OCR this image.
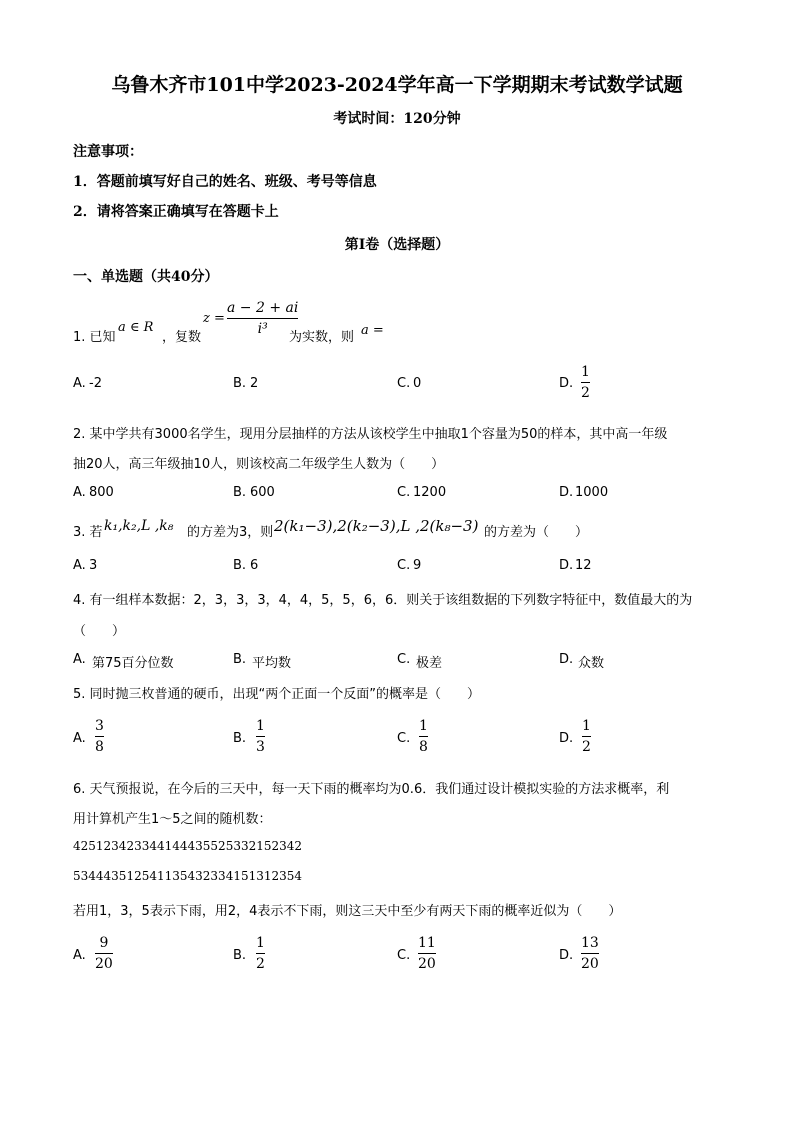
乌鲁木齐市101中学2023-2024学年高一下学期期末考试数学试题
考试时间：120分钟
注意事项：
1．答题前填写好自己的姓名、班级、考号等信息
2．请将答案正确填写在答题卡上
第I卷（选择题）
一、单选题（共40分）
1. 已知
a ∈ R
，复数
z =
a − 2 + ai
i³
为实数，则 a =
A. -2	B. 2	C. 0	D.
1
2
2. 某中学共有3000名学生，现用分层抽样的方法从该校学生中抽取1个容量为50的样本，其中高一年级
抽20人，高三年级抽10人，则该校高二年级学生人数为（　　）
A. 800	B. 600	C. 1200	D. 1000
3. 若 k₁,k₂,L ,k₈ 的方差为3，则 2(k₁−3),2(k₂−3),L ,2(k₈−3) 的方差为（　　）
A. 3	B. 6	C. 9	D. 12
4. 有一组样本数据：2，3，3，3，4，4，5，5，6，6．则关于该组数据的下列数字特征中，数值最大的为
（　　）
A. 第75百分位数	B. 平均数	C. 极差	D. 众数
5. 同时抛三枚普通的硬币，出现“两个正面一个反面”的概率是（　　）
A.
3
8
B.
1
3
C.
1
8
D.
1
2
6. 天气预报说，在今后的三天中，每一天下雨的概率均为0.6．我们通过设计模拟实验的方法求概率，利
用计算机产生1～5之间的随机数：
425123423344144435525332152342
534443512541135432334151312354
若用1，3，5表示下雨，用2，4表示不下雨，则这三天中至少有两天下雨的概率近似为（　　）
A.
9
20
B.
1
2
C.
11
20
D.
13
20
